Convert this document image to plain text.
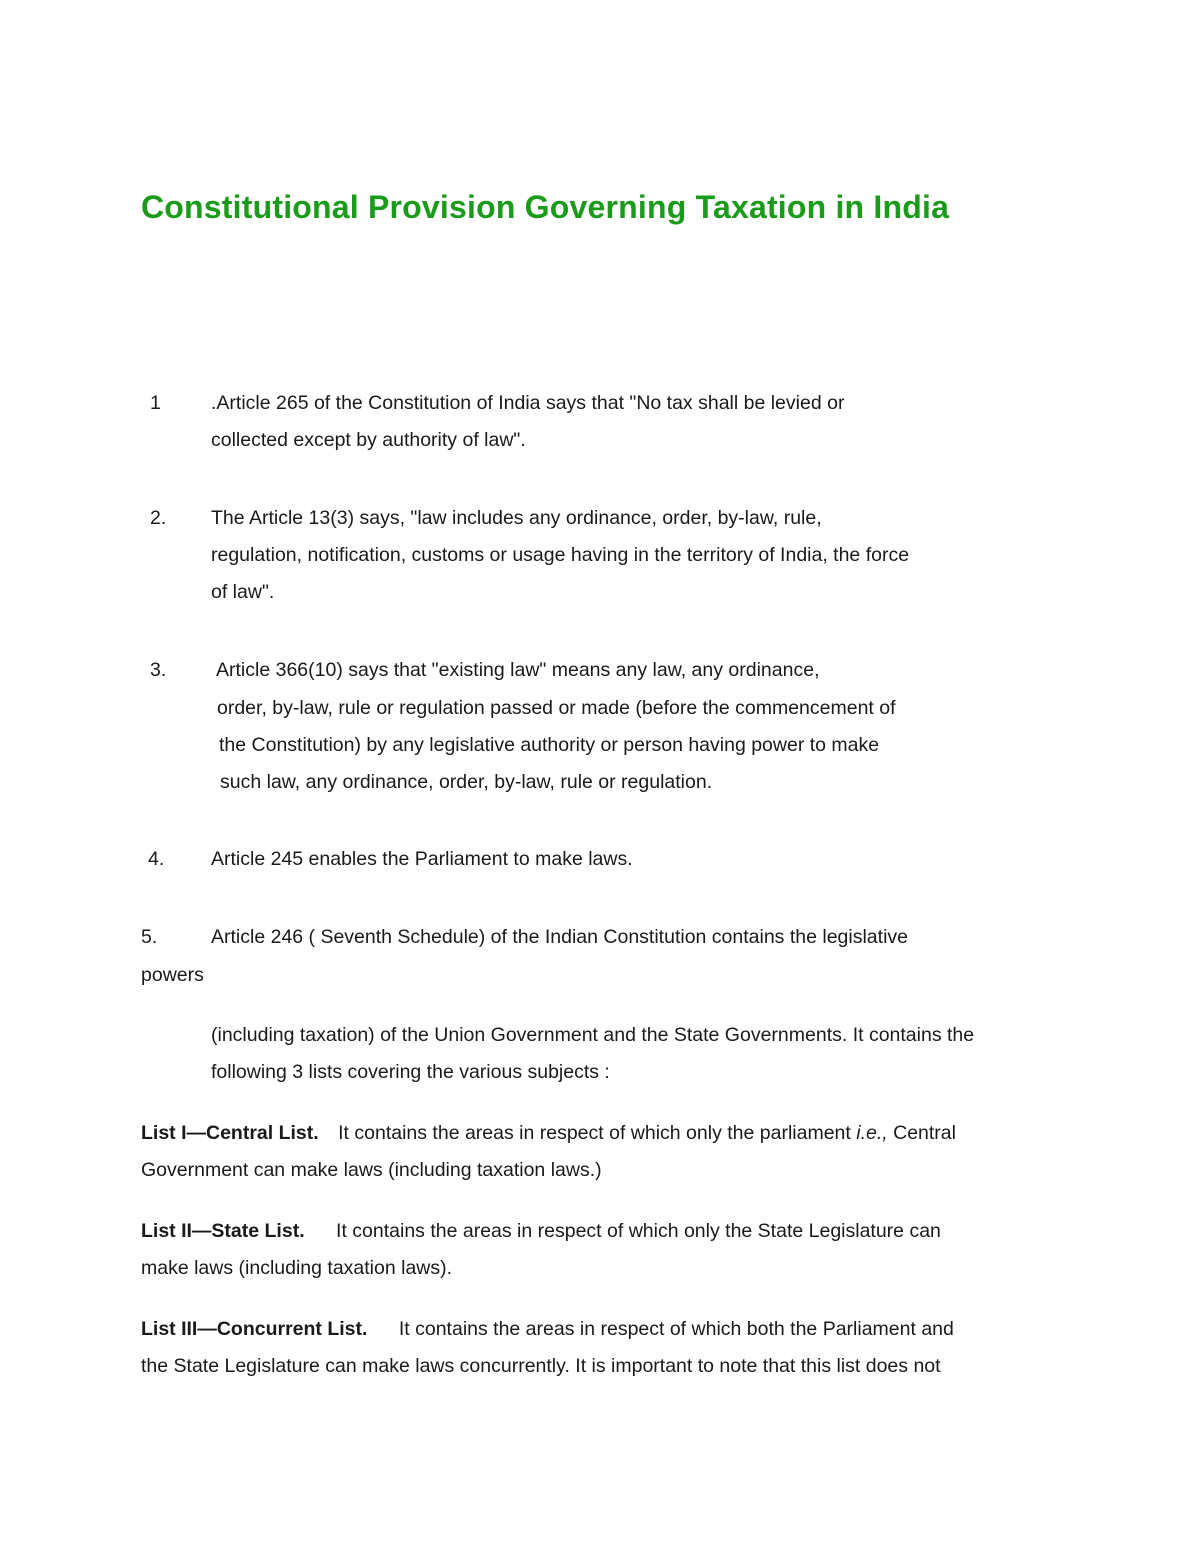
Constitutional Provision Governing Taxation in India
1	.Article 265 of the Constitution of India says that "No tax shall be levied or

collected except by authority of law".

2. The Article 13(3) says, "law includes any ordinance, order, by-law, rule,

regulation, notification, customs or usage having in the territory of India, the force

of law".

3.	Article 366(10) says that "existing law" means any law, any ordinance,

order, by-law, rule or regulation passed or made (before the commencement of

the Constitution) by any legislative authority or person having power to make

such law, any ordinance, order, by-law, rule or regulation.

4. Article 245 enables the Parliament to make laws.

5.	Article 246 ( Seventh Schedule) of the Indian Constitution contains the legislative

powers

(including taxation) of the Union Government and the State Governments. It contains the

following 3 lists covering the various subjects :

List I—Central List. It contains the areas in respect of which only the parliament i.e., Central

Government can make laws (including taxation laws.)

List II—State List. It contains the areas in respect of which only the State Legislature can

make laws (including taxation laws).

List III—Concurrent List. It contains the areas in respect of which both the Parliament and

the State Legislature can make laws concurrently. It is important to note that this list does not
